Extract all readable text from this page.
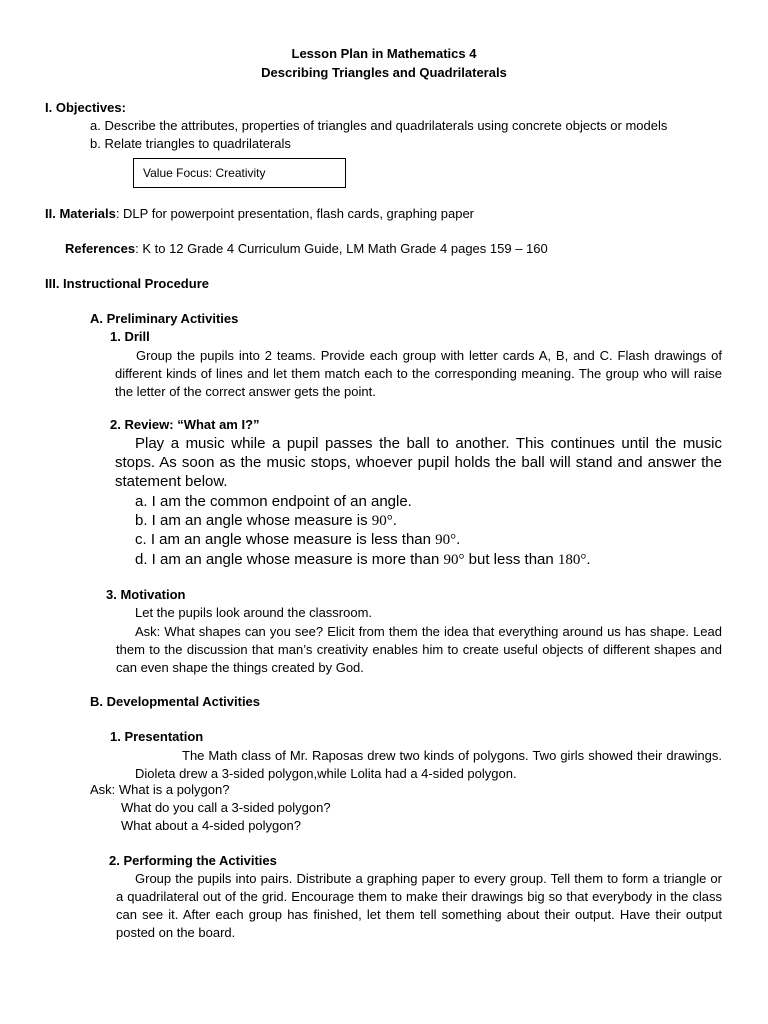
Lesson Plan in Mathematics 4
Describing Triangles and Quadrilaterals
I. Objectives:
a. Describe the attributes, properties of triangles and quadrilaterals using concrete objects or models
b. Relate triangles to quadrilaterals
Value Focus: Creativity
II. Materials: DLP for powerpoint presentation, flash cards, graphing paper
References: K to 12 Grade 4 Curriculum Guide, LM Math Grade 4 pages 159 – 160
III. Instructional Procedure
A. Preliminary Activities
1. Drill
Group the pupils into 2 teams. Provide each group with letter cards A, B, and C. Flash drawings of different kinds of lines and let them match each to the corresponding meaning. The group who will raise the letter of the correct answer gets the point.
2. Review: “What am I?”
Play a music while a pupil passes the ball to another. This continues until the music stops. As soon as the music stops, whoever pupil holds the ball will stand and answer the statement below.
a. I am the common endpoint of an angle.
b. I am an angle whose measure is 90°.
c. I am an angle whose measure is less than 90°.
d. I am an angle whose measure is more than 90° but less than 180°.
3. Motivation
Let the pupils look around the classroom.
Ask: What shapes can you see? Elicit from them the idea that everything around us has shape. Lead them to the discussion that man’s creativity enables him to create useful objects of different shapes and can even shape the things created by God.
B. Developmental Activities
1. Presentation
The Math class of Mr. Raposas drew two kinds of polygons. Two girls showed their drawings. Dioleta drew a 3-sided polygon,while Lolita had a 4-sided polygon.
Ask: What is a polygon?
What do you call a 3-sided polygon?
What about a 4-sided polygon?
2. Performing the Activities
Group the pupils into pairs. Distribute a graphing paper to every group. Tell them to form a triangle or a quadrilateral out of the grid. Encourage them to make their drawings big so that everybody in the class can see it. After each group has finished, let them tell something about their output. Have their output posted on the board.
